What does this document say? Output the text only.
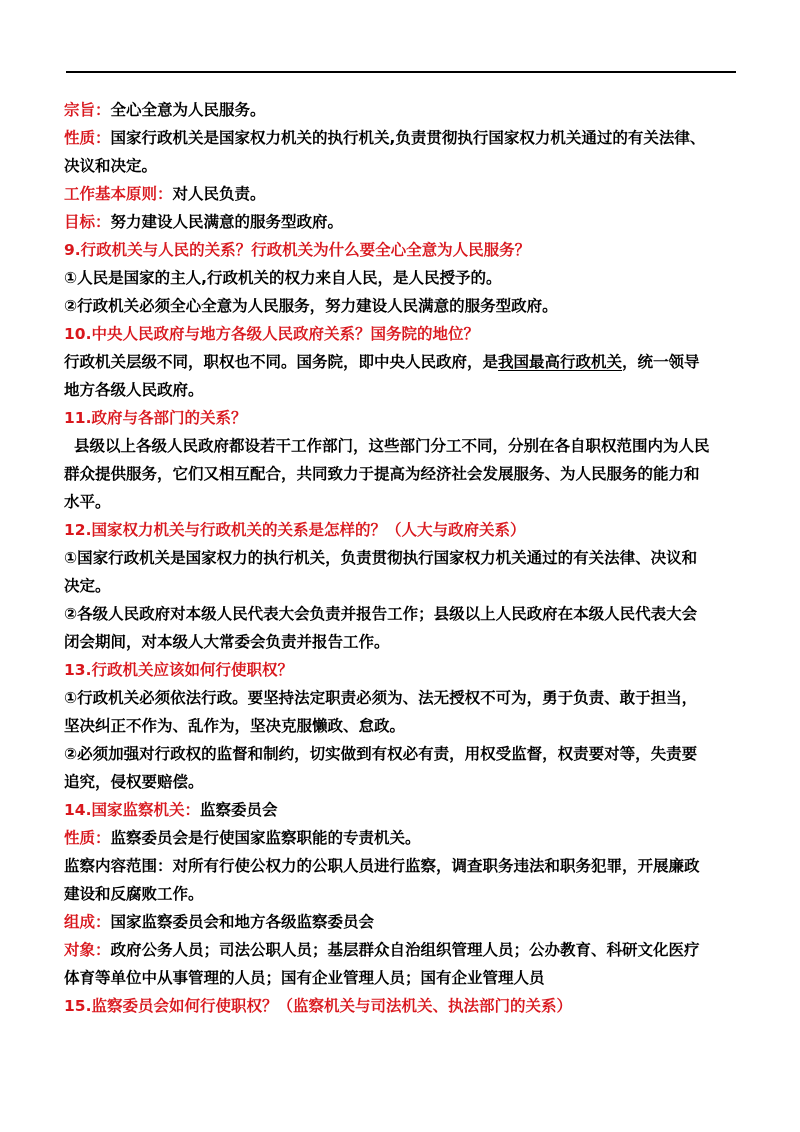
宗旨：全心全意为人民服务。
性质：国家行政机关是国家权力机关的执行机关,负责贯彻执行国家权力机关通过的有关法律、
决议和决定。
工作基本原则：对人民负责。
目标：努力建设人民满意的服务型政府。
9.行政机关与人民的关系？行政机关为什么要全心全意为人民服务？
①人民是国家的主人,行政机关的权力来自人民，是人民授予的。
②行政机关必须全心全意为人民服务，努力建设人民满意的服务型政府。
10.中央人民政府与地方各级人民政府关系？国务院的地位？
行政机关层级不同，职权也不同。国务院，即中央人民政府，是我国最高行政机关，统一领导
地方各级人民政府。
11.政府与各部门的关系？
县级以上各级人民政府都设若干工作部门，这些部门分工不同，分别在各自职权范围内为人民
群众提供服务，它们又相互配合，共同致力于提高为经济社会发展服务、为人民服务的能力和
水平。
12.国家权力机关与行政机关的关系是怎样的？（人大与政府关系）
①国家行政机关是国家权力的执行机关，负责贯彻执行国家权力机关通过的有关法律、决议和
决定。
②各级人民政府对本级人民代表大会负责并报告工作；县级以上人民政府在本级人民代表大会
闭会期间，对本级人大常委会负责并报告工作。
13.行政机关应该如何行使职权？
①行政机关必须依法行政。要坚持法定职责必须为、法无授权不可为，勇于负责、敢于担当，
坚决纠正不作为、乱作为，坚决克服懒政、怠政。
②必须加强对行政权的监督和制约，切实做到有权必有责，用权受监督，权责要对等，失责要
追究，侵权要赔偿。
14.国家监察机关：监察委员会
性质：监察委员会是行使国家监察职能的专责机关。
监察内容范围：对所有行使公权力的公职人员进行监察，调查职务违法和职务犯罪，开展廉政
建设和反腐败工作。
组成：国家监察委员会和地方各级监察委员会
对象：政府公务人员；司法公职人员；基层群众自治组织管理人员；公办教育、科研文化医疗
体育等单位中从事管理的人员；国有企业管理人员；国有企业管理人员
15.监察委员会如何行使职权？（监察机关与司法机关、执法部门的关系）
